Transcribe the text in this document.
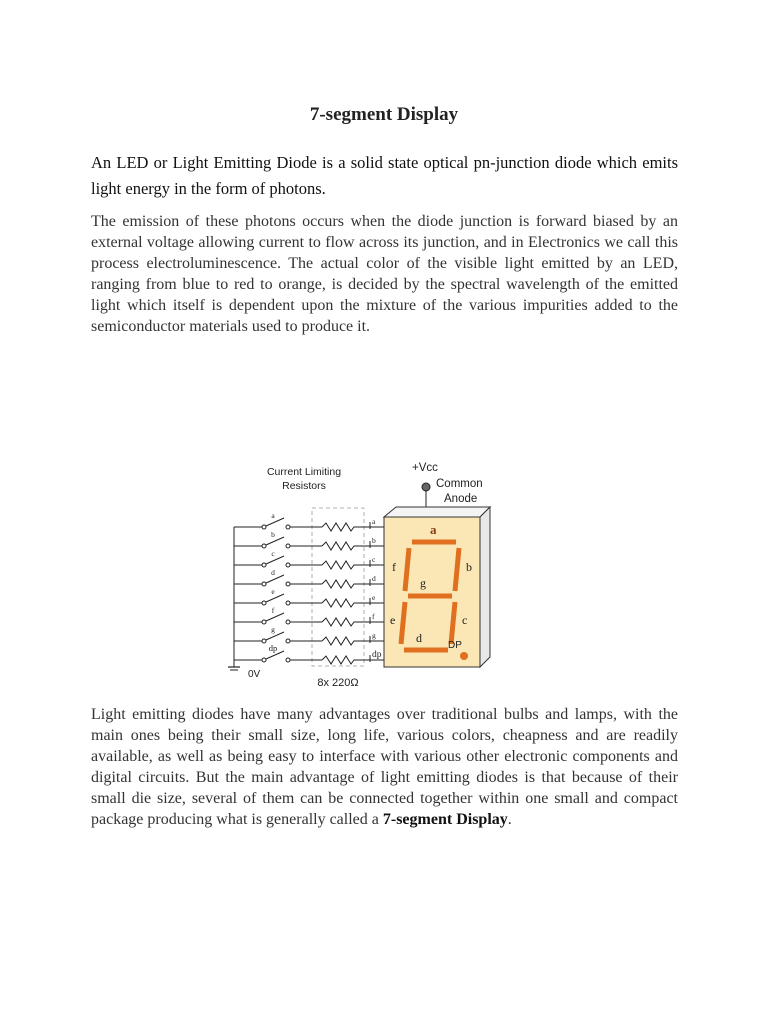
7-segment Display

An LED or Light Emitting Diode is a solid state optical pn-junction diode which emits light energy in the form of photons.

The emission of these photons occurs when the diode junction is forward biased by an external voltage allowing current to flow across its junction, and in Electronics we call this process electroluminescence. The actual color of the visible light emitted by an LED, ranging from blue to red to orange, is decided by the spectral wavelength of the emitted light which itself is dependent upon the mixture of the various impurities added to the semiconductor materials used to produce it.

Current Limiting
Resistors
+Vcc
Common
Anode
0V
8x 220Ω
a
a
b
b
c
c
d
d
e
e
f
f
g
g
dp
dp
a
b
f
g
e	c
d
DP

Light emitting diodes have many advantages over traditional bulbs and lamps, with the main ones being their small size, long life, various colors, cheapness and are readily available, as well as being easy to interface with various other electronic components and digital circuits. But the main advantage of light emitting diodes is that because of their small die size, several of them can be connected together within one small and compact package producing what is generally called a 7-segment Display.
